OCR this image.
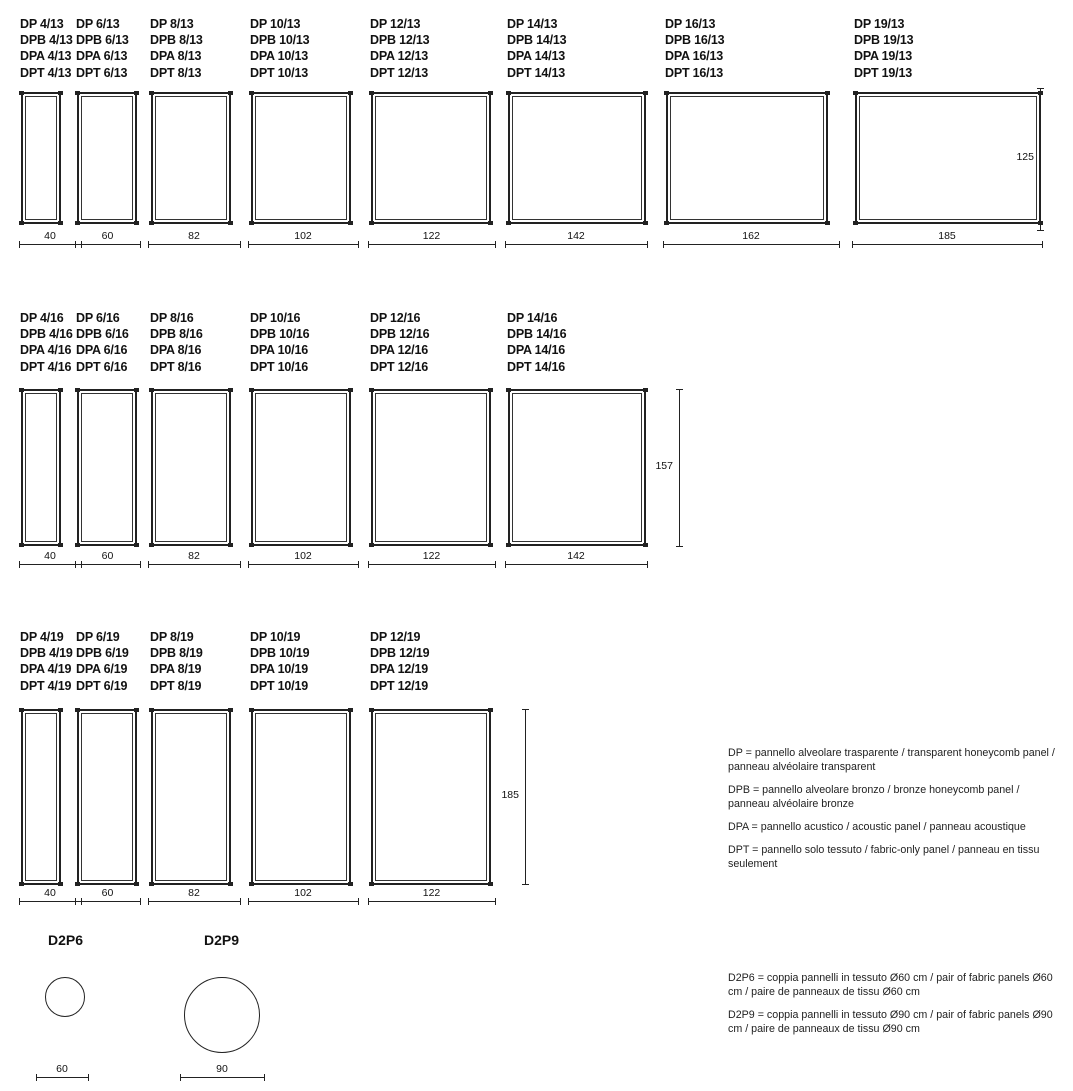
DP 4/13
DPB 4/13
DPA 4/13
DPT 4/13
40
DP 6/13
DPB 6/13
DPA 6/13
DPT 6/13
60
DP 8/13
DPB 8/13
DPA 8/13
DPT 8/13
82
DP 10/13
DPB 10/13
DPA 10/13
DPT 10/13
102
DP 12/13
DPB 12/13
DPA 12/13
DPT 12/13
122
DP 14/13
DPB 14/13
DPA 14/13
DPT 14/13
142
DP 16/13
DPB 16/13
DPA 16/13
DPT 16/13
162
DP 19/13
DPB 19/13
DPA 19/13
DPT 19/13
185
125
DP 4/16
DPB 4/16
DPA 4/16
DPT 4/16
40
DP 6/16
DPB 6/16
DPA 6/16
DPT 6/16
60
DP 8/16
DPB 8/16
DPA 8/16
DPT 8/16
82
DP 10/16
DPB 10/16
DPA 10/16
DPT 10/16
102
DP 12/16
DPB 12/16
DPA 12/16
DPT 12/16
122
DP 14/16
DPB 14/16
DPA 14/16
DPT 14/16
142
157
DP 4/19
DPB 4/19
DPA 4/19
DPT 4/19
40
DP 6/19
DPB 6/19
DPA 6/19
DPT 6/19
60
DP 8/19
DPB 8/19
DPA 8/19
DPT 8/19
82
DP 10/19
DPB 10/19
DPA 10/19
DPT 10/19
102
DP 12/19
DPB 12/19
DPA 12/19
DPT 12/19
122
185
D2P6
60
D2P9
90

DP = pannello alveolare trasparente / transparent honeycomb panel / panneau alvéolaire transparent

DPB = pannello alveolare bronzo / bronze honeycomb panel / panneau alvéolaire bronze

DPA = pannello acustico / acoustic panel / panneau acoustique

DPT = pannello solo tessuto / fabric-only panel / panneau en tissu seulement

D2P6 = coppia pannelli in tessuto Ø60 cm / pair of fabric panels Ø60 cm / paire de panneaux de tissu Ø60 cm

D2P9 = coppia pannelli in tessuto Ø90 cm / pair of fabric panels Ø90 cm / paire de panneaux de tissu Ø90 cm
